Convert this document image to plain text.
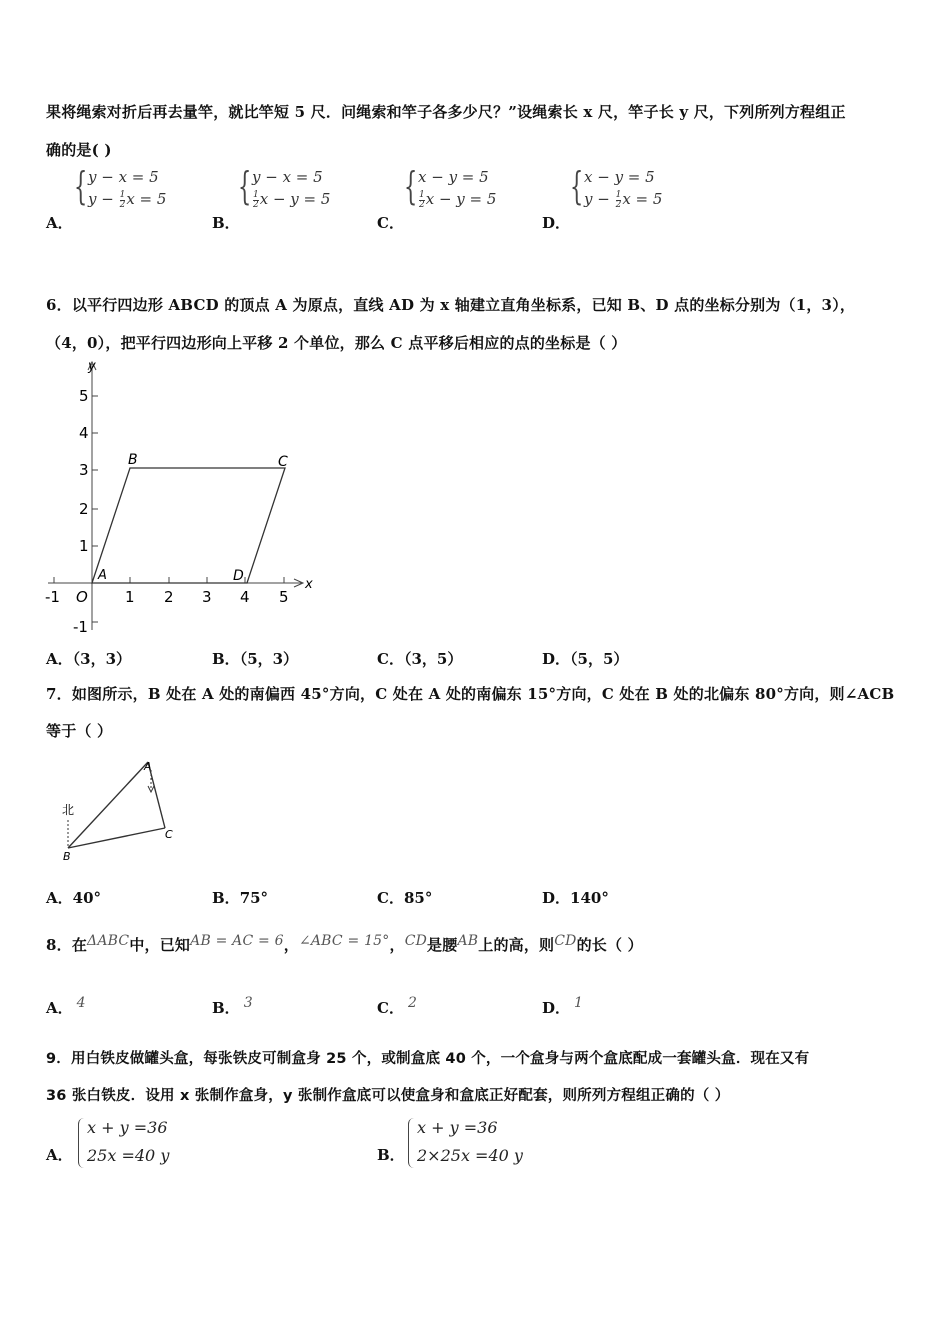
果将绳索对折后再去量竿，就比竿短 5 尺．问绳索和竿子各多少尺？”设绳索长 x 尺，竿子长 y 尺，下列所列方程组正
确的是( )
A．
{ y − x = 5
$y - \frac{1}{2}$ x = 5
B．
{ y − x = 5
$\frac{1}{2}$ x − y = 5
C．
{ x − y = 5
$\frac{1}{2}$ x − y = 5
D．
{ x − y = 5
$y - \frac{1}{2}$ x = 5
6．以平行四边形 ABCD 的顶点 A 为原点，直线 AD 为 x 轴建立直角坐标系，已知 B、D 点的坐标分别为（1，3），
（4，0），把平行四边形向上平移 2 个单位，那么 C 点平移后相应的点的坐标是（ ）
y
x
5
4
3
2
1
-1
-1 O 1 2 3 4 5
A
B	C
D
A．（3，3）	B．（5，3）	C．（3，5）	D．（5，5）
7．如图所示，B 处在 A 处的南偏西 45°方向，C 处在 A 处的南偏东 15°方向，C 处在 B 处的北偏东 80°方向，则∠ACB
等于（ ）
北
A
B
C
A．40°	B．75°	C．85°	D．140°
8．在ΔABC中，已知AB = AC = 6，∠ABC = 15°，CD是腰AB上的高，则CD的长（ ）
A． 4	B． 3	C． 2	D． 1
9．用白铁皮做罐头盒，每张铁皮可制盒身 25 个，或制盒底 40 个，一个盒身与两个盒底配成一套罐头盒．现在又有
36 张白铁皮．设用 x 张制作盒身，y 张制作盒底可以使盒身和盒底正好配套，则所列方程组正确的（ ）
A．
x + y =36
25x =40 y	B．
x + y =36
2×25x =40 y
